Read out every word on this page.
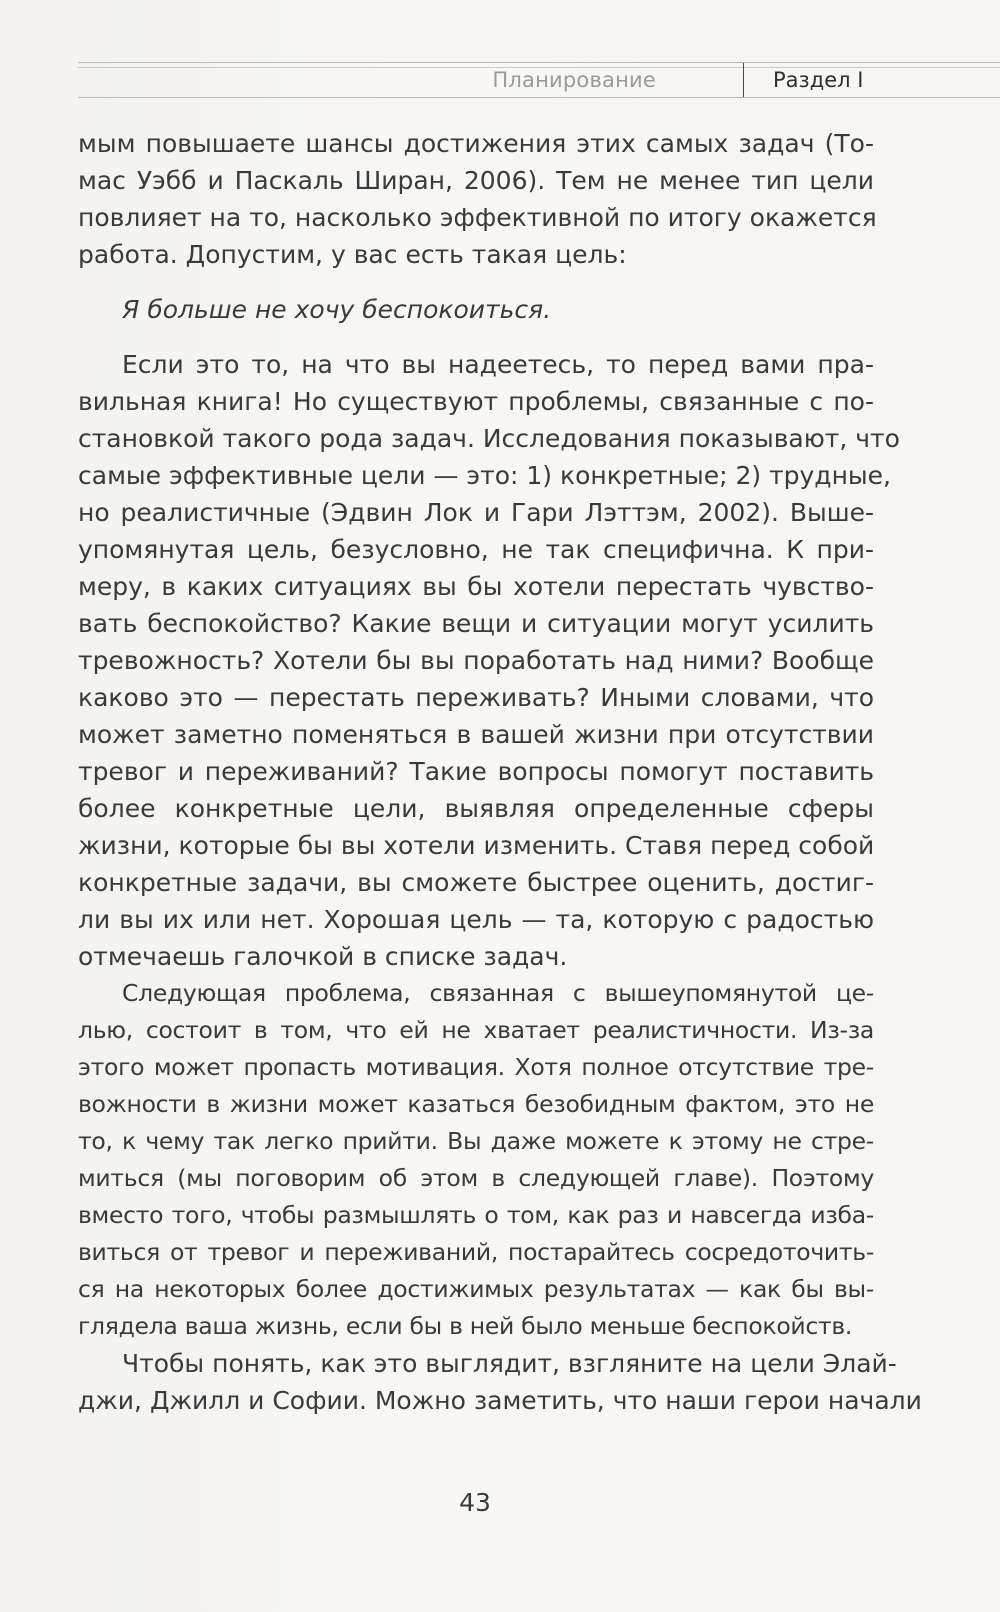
Планирование	Раздел I
мым повышаете шансы достижения этих самых задач (То-
мас Уэбб и Паскаль Ширан, 2006). Тем не менее тип цели
повлияет на то, насколько эффективной по итогу окажется
работа. Допустим, у вас есть такая цель:
Я больше не хочу беспокоиться.
Если это то, на что вы надеетесь, то перед вами пра-
вильная книга! Но существуют проблемы, связанные с по-
становкой такого рода задач. Исследования показывают, что
самые эффективные цели — это: 1) конкретные; 2) трудные,
но реалистичные (Эдвин Лок и Гари Лэттэм, 2002). Выше-
упомянутая цель, безусловно, не так специфична. К при-
меру, в каких ситуациях вы бы хотели перестать чувство-
вать беспокойство? Какие вещи и ситуации могут усилить
тревожность? Хотели бы вы поработать над ними? Вообще
каково это — перестать переживать? Иными словами, что
может заметно поменяться в вашей жизни при отсутствии
тревог и переживаний? Такие вопросы помогут поставить
более конкретные цели, выявляя определенные сферы
жизни, которые бы вы хотели изменить. Ставя перед собой
конкретные задачи, вы сможете быстрее оценить, достиг-
ли вы их или нет. Хорошая цель — та, которую с радостью
отмечаешь галочкой в списке задач.
Следующая проблема, связанная с вышеупомянутой це-
лью, состоит в том, что ей не хватает реалистичности. Из-за
этого может пропасть мотивация. Хотя полное отсутствие тре-
вожности в жизни может казаться безобидным фактом, это не
то, к чему так легко прийти. Вы даже можете к этому не стре-
миться (мы поговорим об этом в следующей главе). Поэтому
вместо того, чтобы размышлять о том, как раз и навсегда изба-
виться от тревог и переживаний, постарайтесь сосредоточить-
ся на некоторых более достижимых результатах — как бы вы-
глядела ваша жизнь, если бы в ней было меньше беспокойств.
Чтобы понять, как это выглядит, взгляните на цели Элай-
джи, Джилл и Софии. Можно заметить, что наши герои начали
43
